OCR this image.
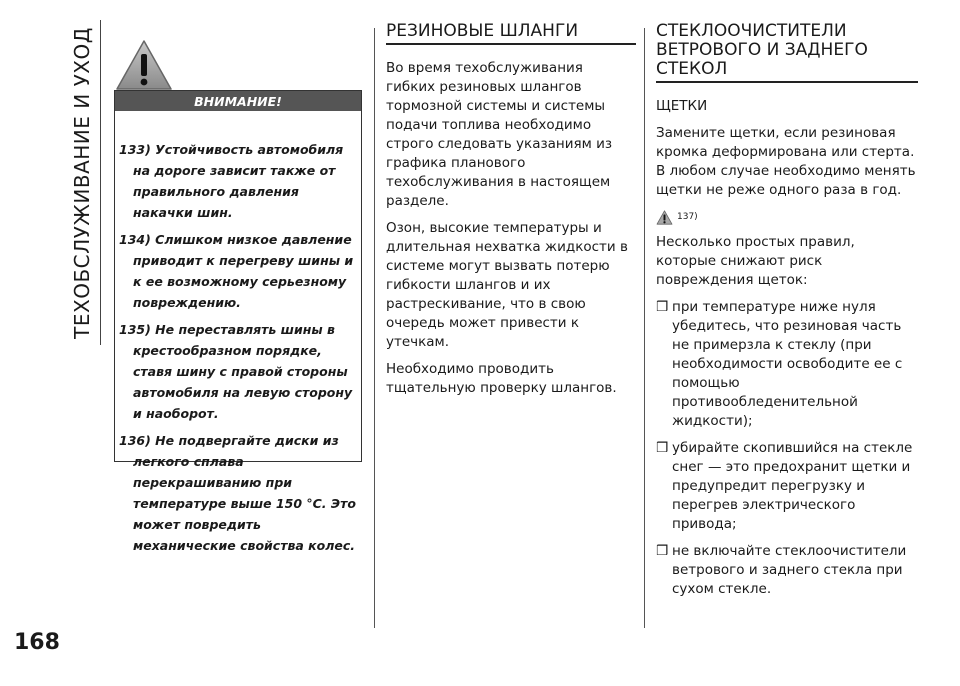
ТЕХОБСЛУЖИВАНИЕ И УХОД
168
ВНИМАНИЕ!
133) Устойчивость автомобиля на дороге зависит также от правильного давления накачки шин.
134) Слишком низкое давление приводит к перегреву шины и к ее возможному серьезному повреждению.
135) Не переставлять шины в крестообразном порядке, ставя шину с правой стороны автомобиля на левую сторону и наоборот.
136) Не подвергайте диски из легкого сплава перекрашиванию при температуре выше 150 °С. Это может повредить механические свойства колес.
РЕЗИНОВЫЕ ШЛАНГИ

Во время техобслуживания гибких резиновых шлангов тормозной системы и системы подачи топлива необходимо строго следовать указаниям из графика планового техобслуживания в настоящем разделе.

Озон, высокие температуры и длительная нехватка жидкости в системе могут вызвать потерю гибкости шлангов и их растрескивание, что в свою очередь может привести к утечкам.

Необходимо проводить тщательную проверку шлангов.

СТЕКЛООЧИСТИТЕЛИ
ВЕТРОВОГО И ЗАДНЕГО СТЕКОЛ
ЩЕТКИ

Замените щетки, если резиновая кромка деформирована или стерта. В любом случае необходимо менять щетки не реже одного раза в год.

137)

Несколько простых правил, которые снижают риск повреждения щеток:

❒ при температуре ниже нуля убедитесь, что резиновая часть не примерзла к стеклу (при необходимости освободите ее с помощью противообледенительной жидкости);
❒ убирайте скопившийся на стекле снег — это предохранит щетки и предупредит перегрузку и перегрев электрического привода;
❒ не включайте стеклоочистители ветрового и заднего стекла при сухом стекле.
